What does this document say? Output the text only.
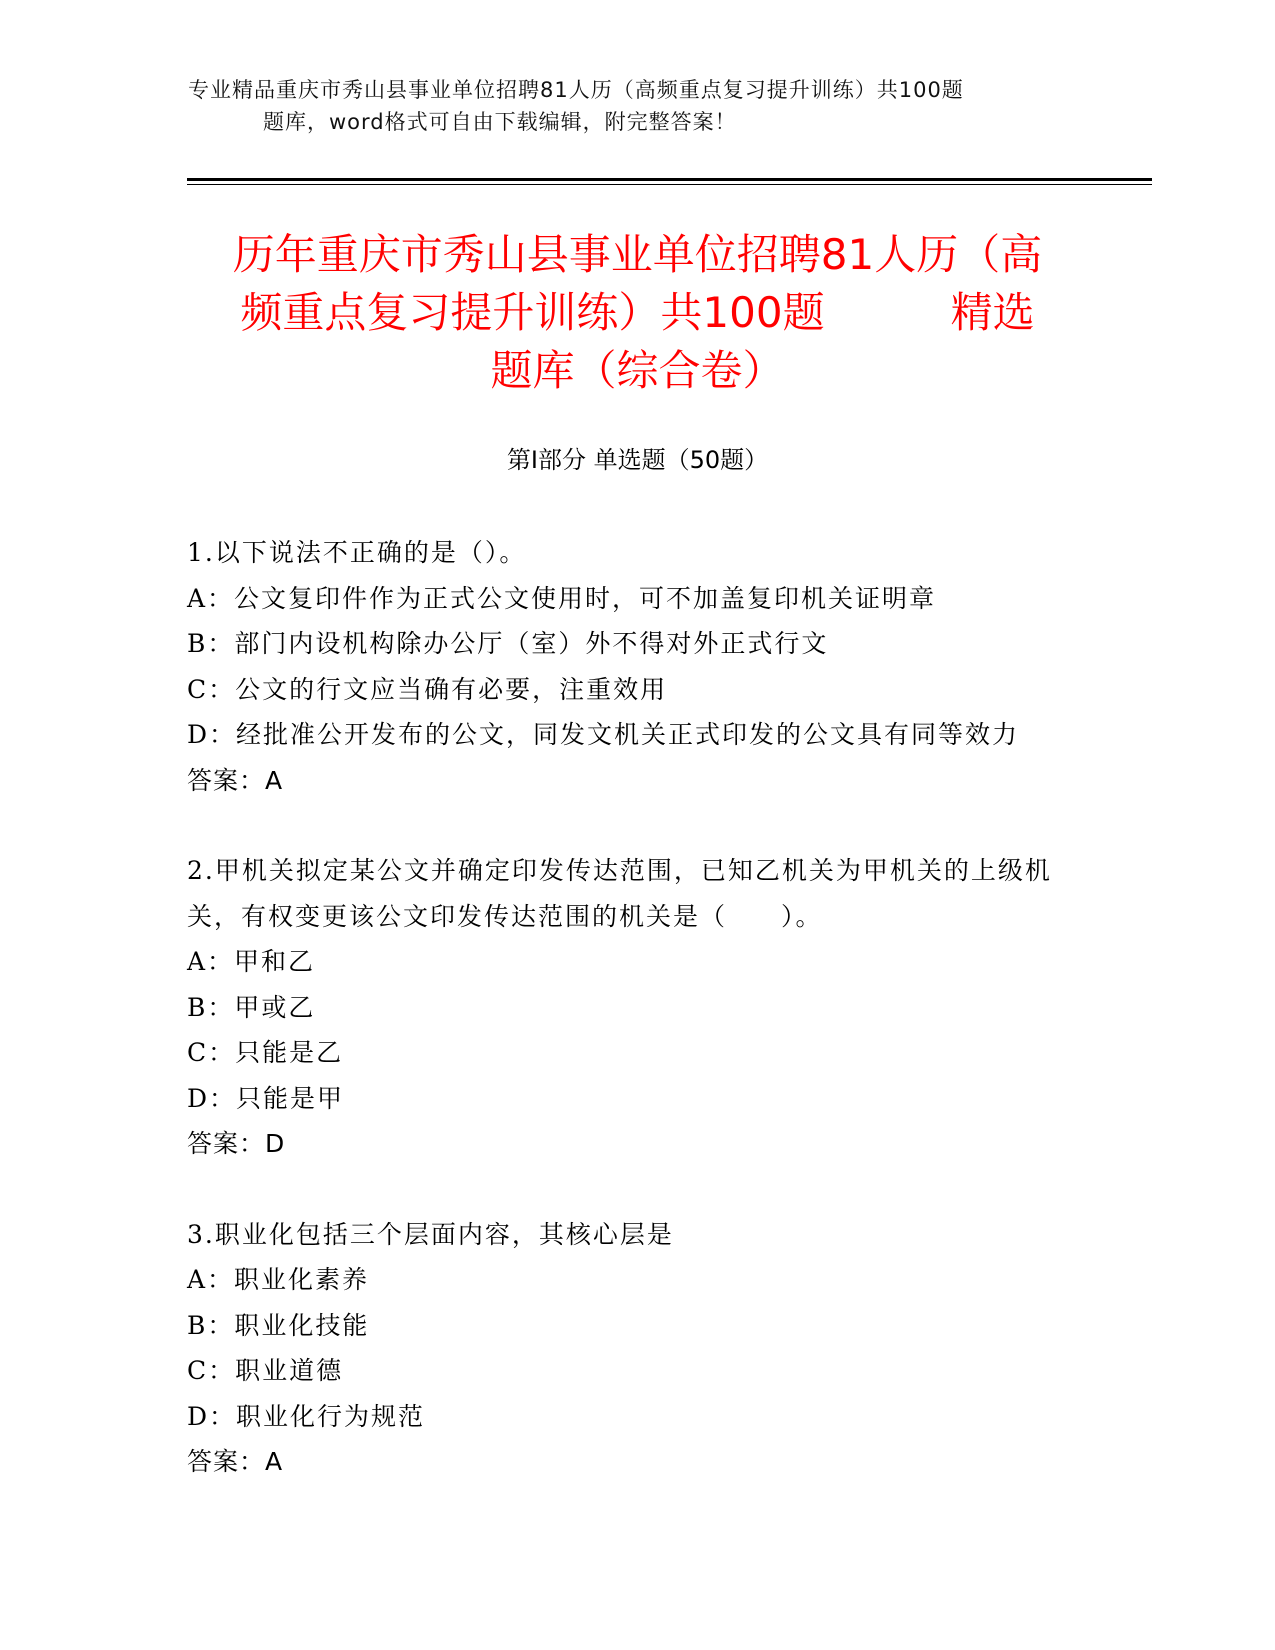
专业精品重庆市秀山县事业单位招聘81人历（高频重点复习提升训练）共100题
题库，word格式可自由下载编辑，附完整答案！
历年重庆市秀山县事业单位招聘81人历（高
频重点复习提升训练）共100题　　　精选
题库（综合卷）
第Ⅰ部分 单选题（50题）
1.以下说法不正确的是（）。
A：公文复印件作为正式公文使用时，可不加盖复印机关证明章
B：部门内设机构除办公厅（室）外不得对外正式行文
C：公文的行文应当确有必要，注重效用
D：经批准公开发布的公文，同发文机关正式印发的公文具有同等效力
答案：A
2.甲机关拟定某公文并确定印发传达范围，已知乙机关为甲机关的上级机关，有权变更该公文印发传达范围的机关是（　　）。
A：甲和乙
B：甲或乙
C：只能是乙
D：只能是甲
答案：D
3.职业化包括三个层面内容，其核心层是
A：职业化素养
B：职业化技能
C：职业道德
D：职业化行为规范
答案：A
